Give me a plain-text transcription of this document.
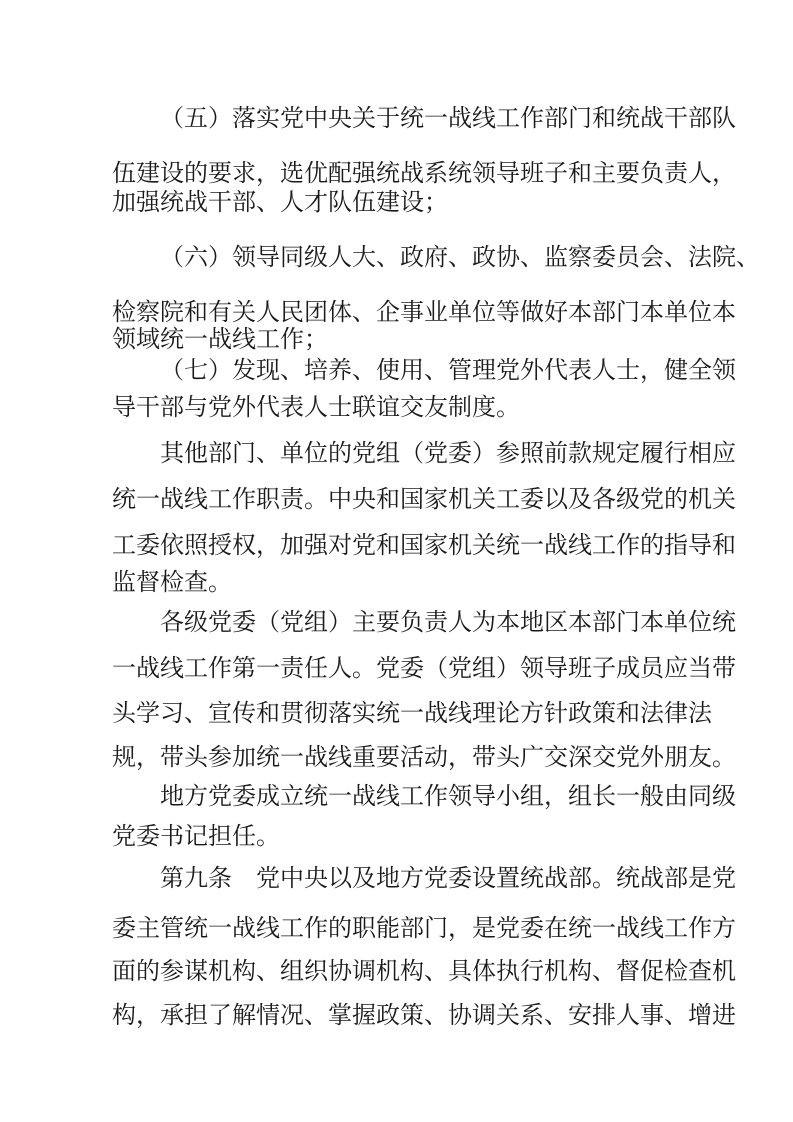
（五）落实党中央关于统一战线工作部门和统战干部队
伍建设的要求，选优配强统战系统领导班子和主要负责人，
加强统战干部、人才队伍建设；
（六）领导同级人大、政府、政协、监察委员会、法院、
检察院和有关人民团体、企事业单位等做好本部门本单位本
领域统一战线工作；
（七）发现、培养、使用、管理党外代表人士，健全领
导干部与党外代表人士联谊交友制度。
其他部门、单位的党组（党委）参照前款规定履行相应
统一战线工作职责。中央和国家机关工委以及各级党的机关
工委依照授权，加强对党和国家机关统一战线工作的指导和
监督检查。
各级党委（党组）主要负责人为本地区本部门本单位统
一战线工作第一责任人。党委（党组）领导班子成员应当带
头学习、宣传和贯彻落实统一战线理论方针政策和法律法
规，带头参加统一战线重要活动，带头广交深交党外朋友。
地方党委成立统一战线工作领导小组，组长一般由同级
党委书记担任。
第九条　党中央以及地方党委设置统战部。统战部是党
委主管统一战线工作的职能部门，是党委在统一战线工作方
面的参谋机构、组织协调机构、具体执行机构、督促检查机
构，承担了解情况、掌握政策、协调关系、安排人事、增进
